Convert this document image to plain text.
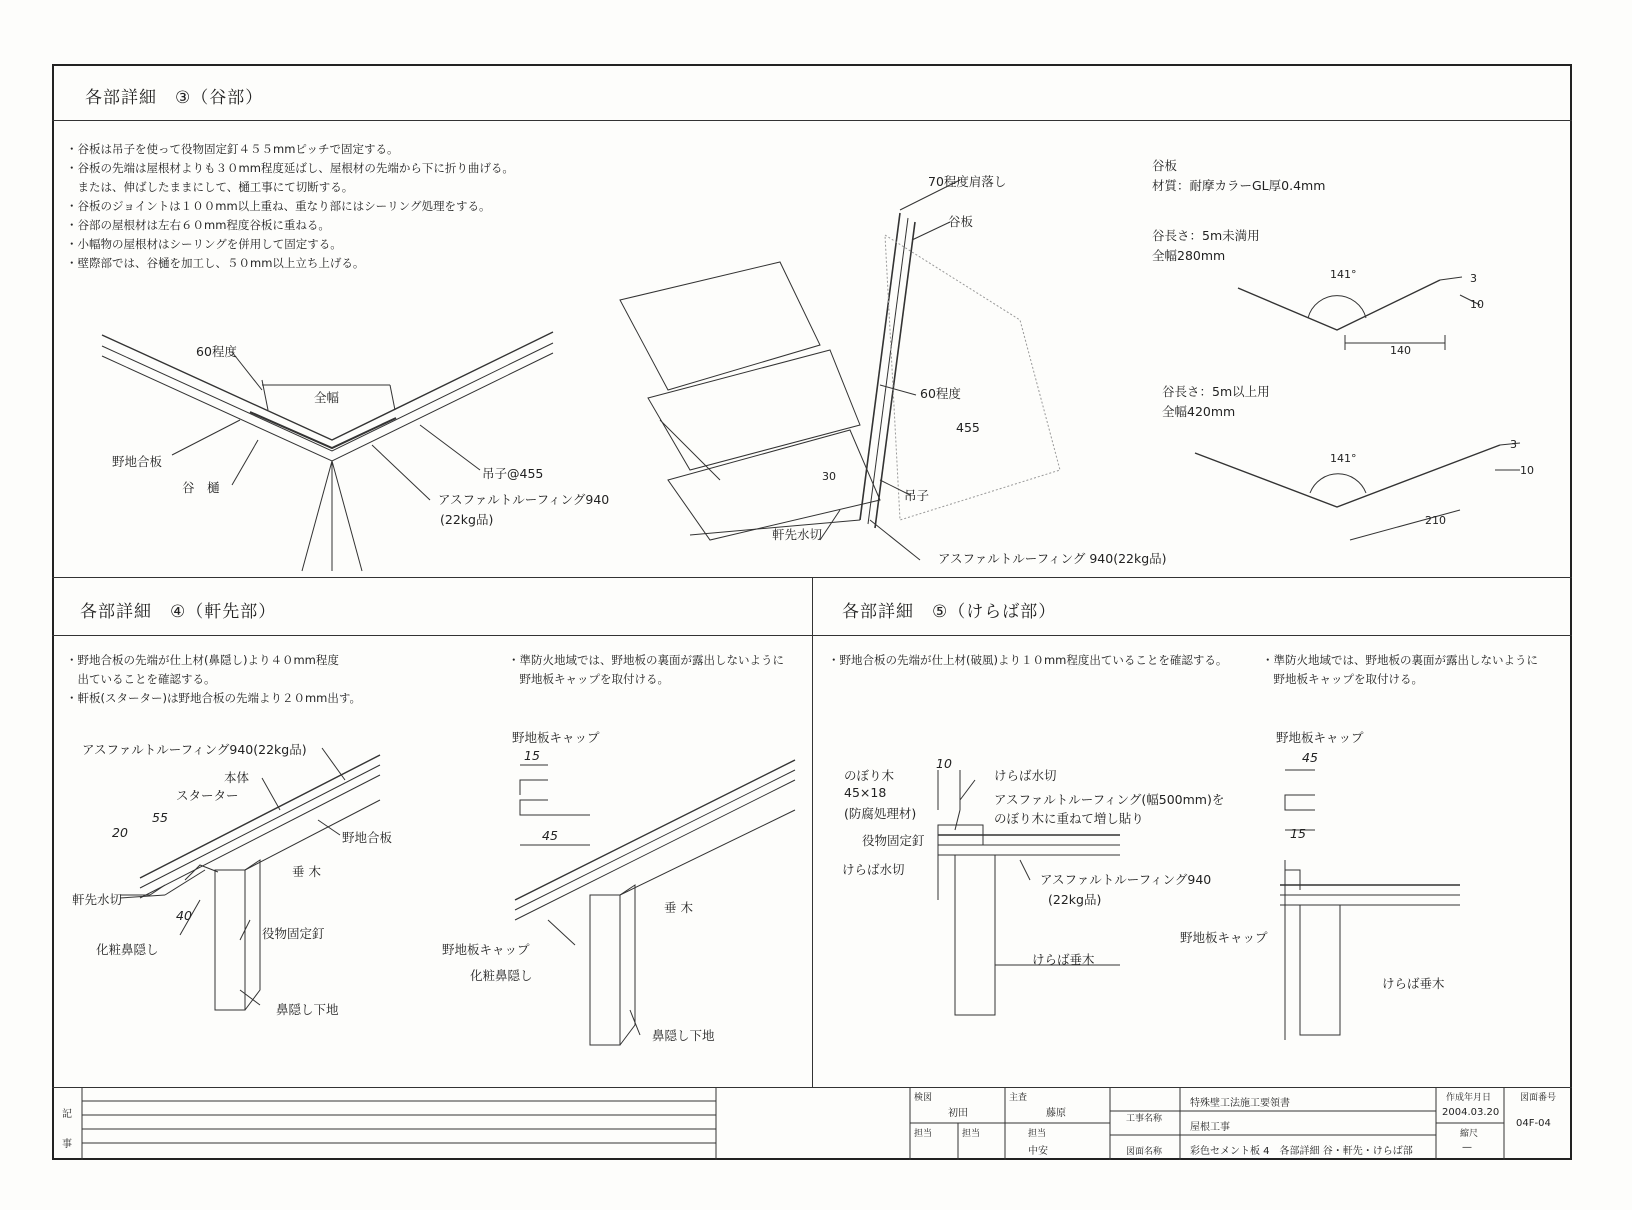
各部詳細　③（谷部）
・谷板は吊子を使って役物固定釘４５５mmピッチで固定する。
・谷板の先端は屋根材よりも３０mm程度延ばし、屋根材の先端から下に折り曲げる。
　または、伸ばしたままにして、樋工事にて切断する。
・谷板のジョイントは１００mm以上重ね、重なり部にはシーリング処理をする。
・谷部の屋根材は左右６０mm程度谷板に重ねる。
・小幅物の屋根材はシーリングを併用して固定する。
・壁際部では、谷樋を加工し、５０mm以上立ち上げる。
各部詳細　④（軒先部）
・野地合板の先端が仕上材(鼻隠し)より４０mm程度
　出ていることを確認する。
・軒板(スターター)は野地合板の先端より２０mm出す。
・準防火地域では、野地板の裏面が露出しないように
　野地板キャップを取付ける。
各部詳細　⑤（けらば部）
・野地合板の先端が仕上材(破風)より１０mm程度出ていることを確認する。	・準防火地域では、野地板の裏面が露出しないように
　野地板キャップを取付ける。
60程度
全幅
野地合板
谷　樋
吊子@455
アスファルトルーフィング940
(22kg品)
70程度肩落し
谷板
60程度
455
30
軒先水切
吊子
アスファルトルーフィング 940(22kg品)
谷板
材質：耐摩カラーGL厚0.4mm
谷長さ：5m未満用
全幅280mm
谷長さ：5m以上用
全幅420mm
141°	3
10
140
141°
3
10
210
アスファルトルーフィング940(22kg品)
本体
スターター
野地合板
20
55
40
垂 木
軒先水切
役物固定釘
化粧鼻隠し
鼻隠し下地
野地板キャップ
15
45
垂 木
野地板キャップ
化粧鼻隠し
鼻隠し下地
10
のぼり木
45×18
(防腐処理材)
役物固定釘
けらば水切
けらば水切
アスファルトルーフィング(幅500mm)を
のぼり木に重ねて増し貼り
アスファルトルーフィング940
(22kg品)
けらば垂木
野地板キャップ
45
15
野地板キャップ
けらば垂木
記
事
検図
初田
主査
藤原
担当	担当	担当
中安
工事名称
特殊壁工法施工要領書
屋根工事
図面名称	彩色セメント板 4　各部詳細 谷・軒先・けらば部
作成年月日
2004.03.20
縮尺
—
図面番号
04F-04
